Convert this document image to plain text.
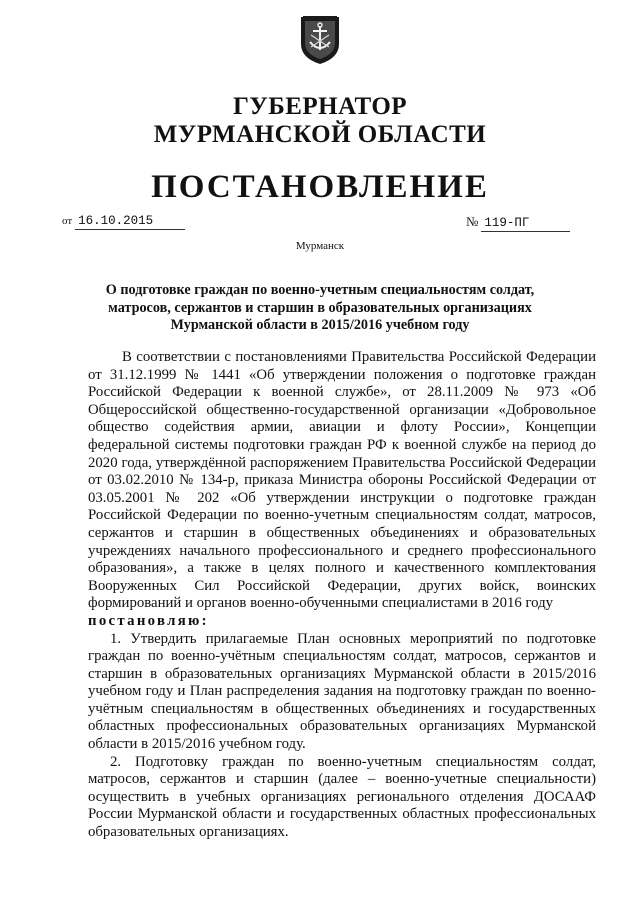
ГУБЕРНАТОР
МУРМАНСКОЙ ОБЛАСТИ
ПОСТАНОВЛЕНИЕ
от 16.10.2015	№ 119-ПГ
Мурманск
О подготовке граждан по военно-учетным специальностям солдат,
матросов, сержантов и старшин в образовательных организациях
Мурманской области в 2015/2016 учебном году

В соответствии с постановлениями Правительства Российской Федерации от 31.12.1999 № 1441 «Об утверждении положения о подготовке граждан Российской Федерации к военной службе», от 28.11.2009 № 973 «Об Общероссийской общественно-государственной организации «Добровольное общество содействия армии, авиации и флоту России», Концепции федеральной системы подготовки граждан РФ к военной службе на период до 2020 года, утверждённой распоряжением Правительства Российской Федерации от 03.02.2010 № 134-р, приказа Министра обороны Российской Федерации от 03.05.2001 № 202 «Об утверждении инструкции о подготовке граждан Российской Федерации по военно-учетным специальностям солдат, матросов, сержантов и старшин в общественных объединениях и образовательных учреждениях начального профессионального и среднего профессионального образования», а также в целях полного и качественного комплектования Вооруженных Сил Российской Федерации, других войск, воинских формирований и органов военно-обученными специалистами в 2016 году

постановляю:

1. Утвердить прилагаемые План основных мероприятий по подготовке граждан по военно-учётным специальностям солдат, матросов, сержантов и старшин в образовательных организациях Мурманской области в 2015/2016 учебном году и План распределения задания на подготовку граждан по военно-учётным специальностям в общественных объединениях и государственных областных профессиональных образовательных организациях Мурманской области в 2015/2016 учебном году.

2. Подготовку граждан по военно-учетным специальностям солдат, матросов, сержантов и старшин (далее – военно-учетные специальности) осуществить в учебных организациях регионального отделения ДОСААФ России Мурманской области и государственных областных профессиональных образовательных организациях.
